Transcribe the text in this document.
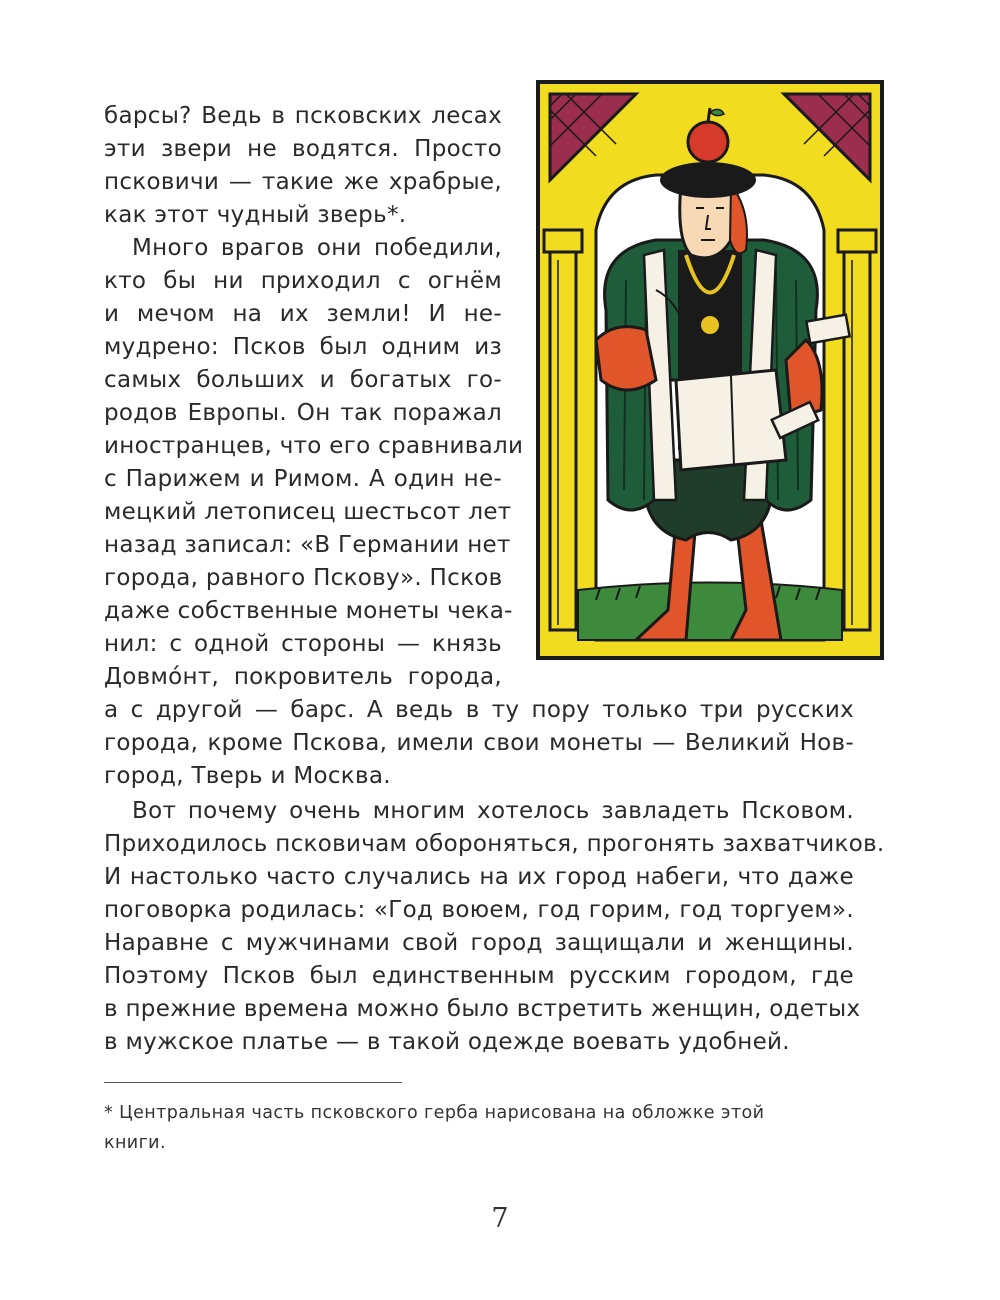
барсы? Ведь в псковских лесах
эти звери не водятся. Просто
псковичи — такие же храбрые,
как этот чудный зверь*.
Много врагов они победили,
кто бы ни приходил с огнём
и мечом на их земли! И не-
мудрено: Псков был одним из
самых больших и богатых го-
родов Европы. Он так поражал
иностранцев, что его сравнивали
с Парижем и Римом. А один не-
мецкий летописец шестьсот лет
назад записал: «В Германии нет
города, равного Пскову». Псков
даже собственные монеты чека-
нил: с одной стороны — князь
Довмóнт, покровитель города,
а с другой — барс. А ведь в ту пору только три русских
города, кроме Пскова, имели свои монеты — Великий Нов-
город, Тверь и Москва.
Вот почему очень многим хотелось завладеть Псковом.
Приходилось псковичам обороняться, прогонять захватчиков.
И настолько часто случались на их город набеги, что даже
поговорка родилась: «Год воюем, год горим, год торгуем».
Наравне с мужчинами свой город защищали и женщины.
Поэтому Псков был единственным русским городом, где
в прежние времена можно было встретить женщин, одетых
в мужское платье — в такой одежде воевать удобней.
* Центральная часть псковского герба нарисована на обложке этой
книги.
7
